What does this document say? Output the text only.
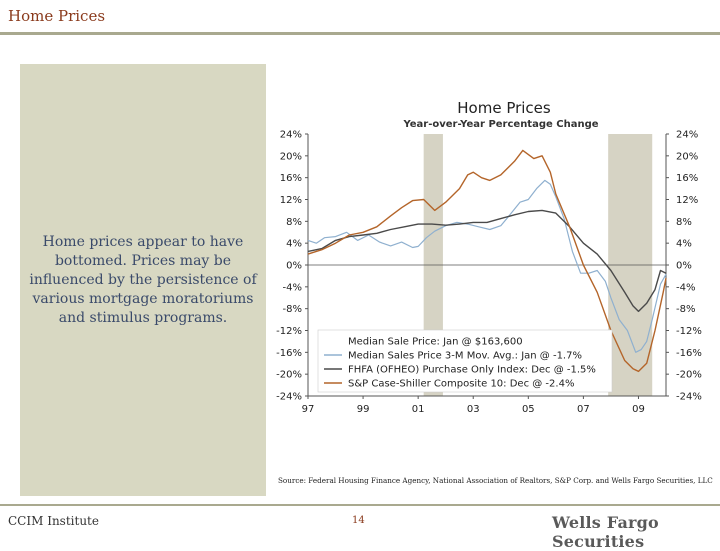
Home Prices
Home prices appear to have bottomed. Prices may be influenced by the persistence of various mortgage moratoriums and stimulus programs.
Home Prices
Year-over-Year Percentage Change
24%	24%
20%	20%
16%	16%
12%	12%
8%	8%
4%	4%
0%	0%
-4%	-4%
-8%	-8%
-12%	-12%
-16%	-16%
-20%	-20%
-24%	-24%
97	99	01	03	05	07	09
Median Sale Price: Jan @ $163,600
Median Sales Price 3-M Mov. Avg.: Jan @ -1.7%
FHFA (OFHEO) Purchase Only Index: Dec @ -1.5%
S&P Case-Shiller Composite 10: Dec @ -2.4%
Source: Federal Housing Finance Agency, National Association of Realtors, S&P Corp. and Wells Fargo Securities, LLC
CCIM Institute	14	Wells Fargo Securities
